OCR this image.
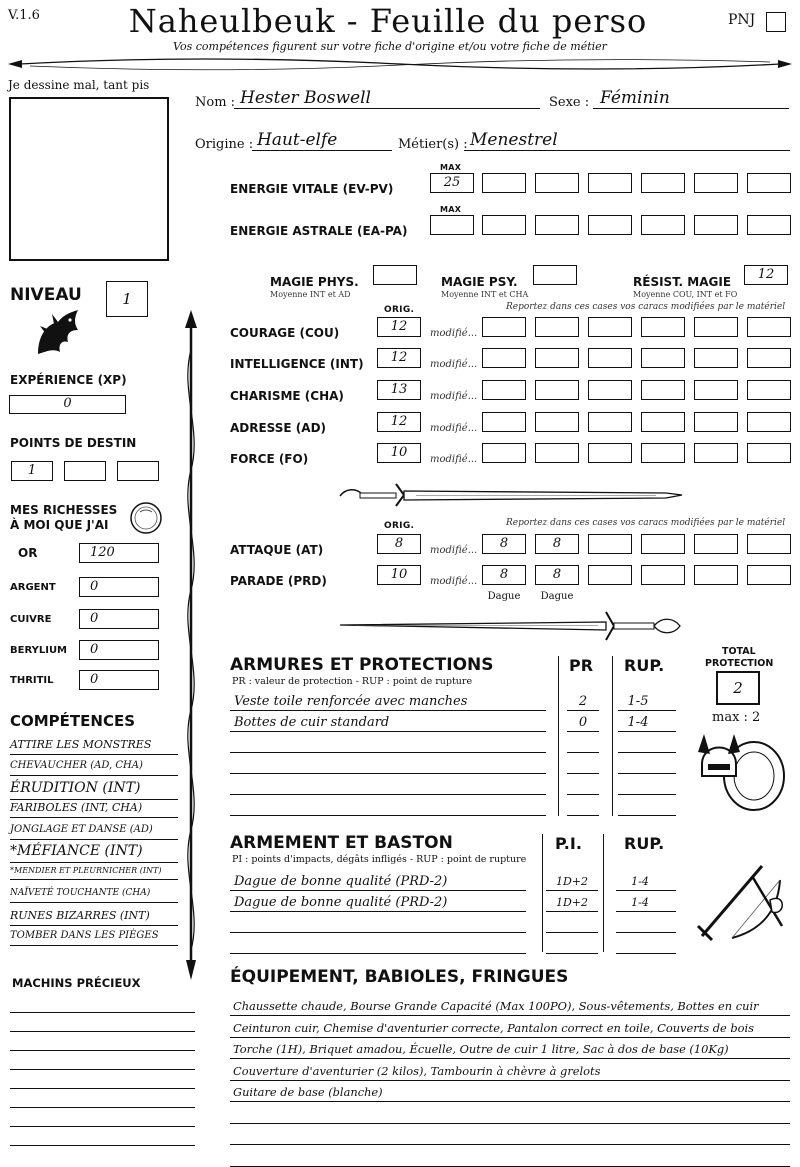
V.1.6	Naheulbeuk - Feuille du perso
Vos compétences figurent sur votre fiche d'origine et/ou votre fiche de métier
PNJ
Je dessine mal, tant pis
Nom : Hester Boswell	Sexe : Féminin
Origine : Haut-elfe	Métier(s) : Menestrel
MAX
ENERGIE VITALE (EV-PV)	25
MAX
ENERGIE ASTRALE (EA-PA)
MAGIE PHYS.
Moyenne INT et AD
MAGIE PSY.
Moyenne INT et CHA
RÉSIST. MAGIE
Moyenne COU, INT et FO
12
NIVEAU	1
EXPÉRIENCE (XP)
0
POINTS DE DESTIN
1
MES RICHESSES
À MOI QUE J'AI
OR	120
ARGENT	0
CUIVRE	0
BERYLIUM 0
THRITIL	0
COMPÉTENCES
ATTIRE LES MONSTRES
CHEVAUCHER (AD, CHA)
ÉRUDITION (INT)
FARIBOLES (INT, CHA)
JONGLAGE ET DANSE (AD)
*MÉFIANCE (INT)
*MENDIER ET PLEURNICHER (INT)
NAÏVETÉ TOUCHANTE (CHA)
RUNES BIZARRES (INT)
TOMBER DANS LES PIÈGES
MACHINS PRÉCIEUX
ORIG.	Reportez dans ces cases vos caracs modifiées par le matériel
COURAGE (COU)	12	modifié...
INTELLIGENCE (INT)	12	modifié...
CHARISME (CHA)	13	modifié...
ADRESSE (AD)	12	modifié...
FORCE (FO)	10	modifié...
ORIG.	Reportez dans ces cases vos caracs modifiées par le matériel
ATTAQUE (AT)	8	modifié...
PARADE (PRD)	10	modifié...
8	8
8	8
Dague	Dague
ARMURES ET PROTECTIONS
PR : valeur de protection - RUP : point de rupture
PR RUP.
Veste toile renforcée avec manches	2	1-5
Bottes de cuir standard	0	1-4
TOTAL
PROTECTION
2
max : 2
ARMEMENT ET BASTON
PI : points d'impacts, dégâts infligés - RUP : point de rupture
P.I.	RUP.
Dague de bonne qualité (PRD-2)	1D+2	1-4
Dague de bonne qualité (PRD-2)	1D+2	1-4
ÉQUIPEMENT, BABIOLES, FRINGUES
Chaussette chaude, Bourse Grande Capacité (Max 100PO), Sous-vêtements, Bottes en cuir
Ceinturon cuir, Chemise d'aventurier correcte, Pantalon correct en toile, Couverts de bois
Torche (1H), Briquet amadou, Écuelle, Outre de cuir 1 litre, Sac à dos de base (10Kg)
Couverture d'aventurier (2 kilos), Tambourin à chèvre à grelots
Guitare de base (blanche)
